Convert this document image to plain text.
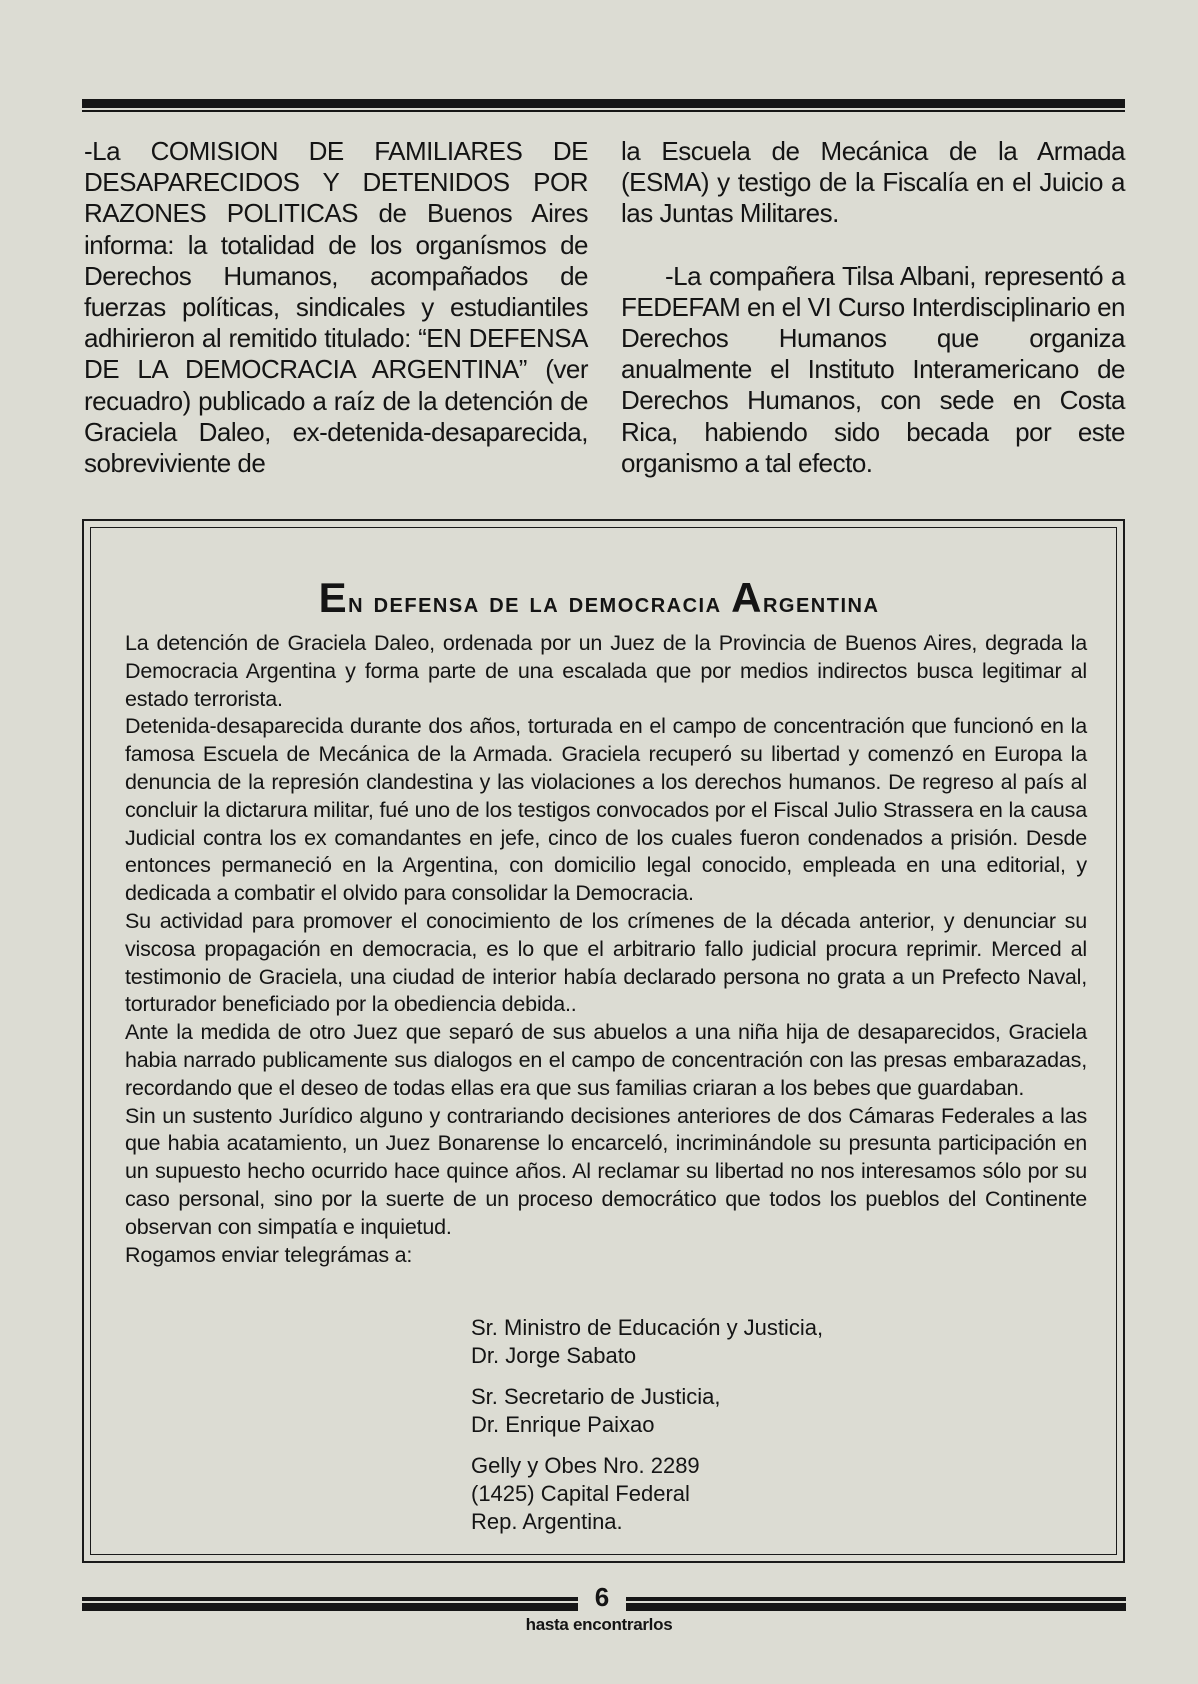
-La COMISION DE FAMILIARES DE DESAPARECIDOS Y DETENIDOS POR RAZONES POLITICAS de Buenos Aires informa: la totalidad de los organísmos de Derechos Humanos, acompañados de fuerzas políticas, sindicales y estudiantiles adhirieron al remitido titulado: “EN DEFENSA DE LA DEMOCRACIA ARGENTINA” (ver recuadro) publicado a raíz de la detención de Graciela Daleo, ex-detenida-desaparecida, sobreviviente de

la Escuela de Mecánica de la Armada (ESMA) y testigo de la Fiscalía en el Juicio a las Juntas Militares.

-La compañera Tilsa Albani, representó a FEDEFAM en el VI Curso Interdisciplinario en Derechos Humanos que organiza anualmente el Instituto Interamericano de Derechos Humanos, con sede en Costa Rica, habiendo sido becada por este organismo a tal efecto.

En defensa de la democracia Argentina

La detención de Graciela Daleo, ordenada por un Juez de la Provincia de Buenos Aires, degrada la Democracia Argentina y forma parte de una escalada que por medios indirectos busca legitimar al estado terrorista.

Detenida-desaparecida durante dos años, torturada en el campo de concentración que funcionó en la famosa Escuela de Mecánica de la Armada. Graciela recuperó su libertad y comenzó en Europa la denuncia de la represión clandestina y las violaciones a los derechos humanos. De regreso al país al concluir la dictarura militar, fué uno de los testigos convocados por el Fiscal Julio Strassera en la causa Judicial contra los ex comandantes en jefe, cinco de los cuales fueron condenados a prisión. Desde entonces permaneció en la Argentina, con domicilio legal conocido, empleada en una editorial, y dedicada a combatir el olvido para consolidar la Democracia.

Su actividad para promover el conocimiento de los crímenes de la década anterior, y denunciar su viscosa propagación en democracia, es lo que el arbitrario fallo judicial procura reprimir. Merced al testimonio de Graciela, una ciudad de interior había declarado persona no grata a un Prefecto Naval, torturador beneficiado por la obediencia debida..

Ante la medida de otro Juez que separó de sus abuelos a una niña hija de desaparecidos, Graciela habia narrado publicamente sus dialogos en el campo de concentración con las presas embarazadas, recordando que el deseo de todas ellas era que sus familias criaran a los bebes que guardaban.

Sin un sustento Jurídico alguno y contrariando decisiones anteriores de dos Cámaras Federales a las que habia acatamiento, un Juez Bonarense lo encarceló, incriminándole su presunta participación en un supuesto hecho ocurrido hace quince años. Al reclamar su libertad no nos interesamos sólo por su caso personal, sino por la suerte de un proceso democrático que todos los pueblos del Continente observan con simpatía e inquietud.

Rogamos enviar telegrámas a:

Sr. Ministro de Educación y Justicia,
Dr. Jorge Sabato
Sr. Secretario de Justicia,
Dr. Enrique Paixao
Gelly y Obes Nro. 2289
(1425) Capital Federal
Rep. Argentina.
6
hasta encontrarlos
